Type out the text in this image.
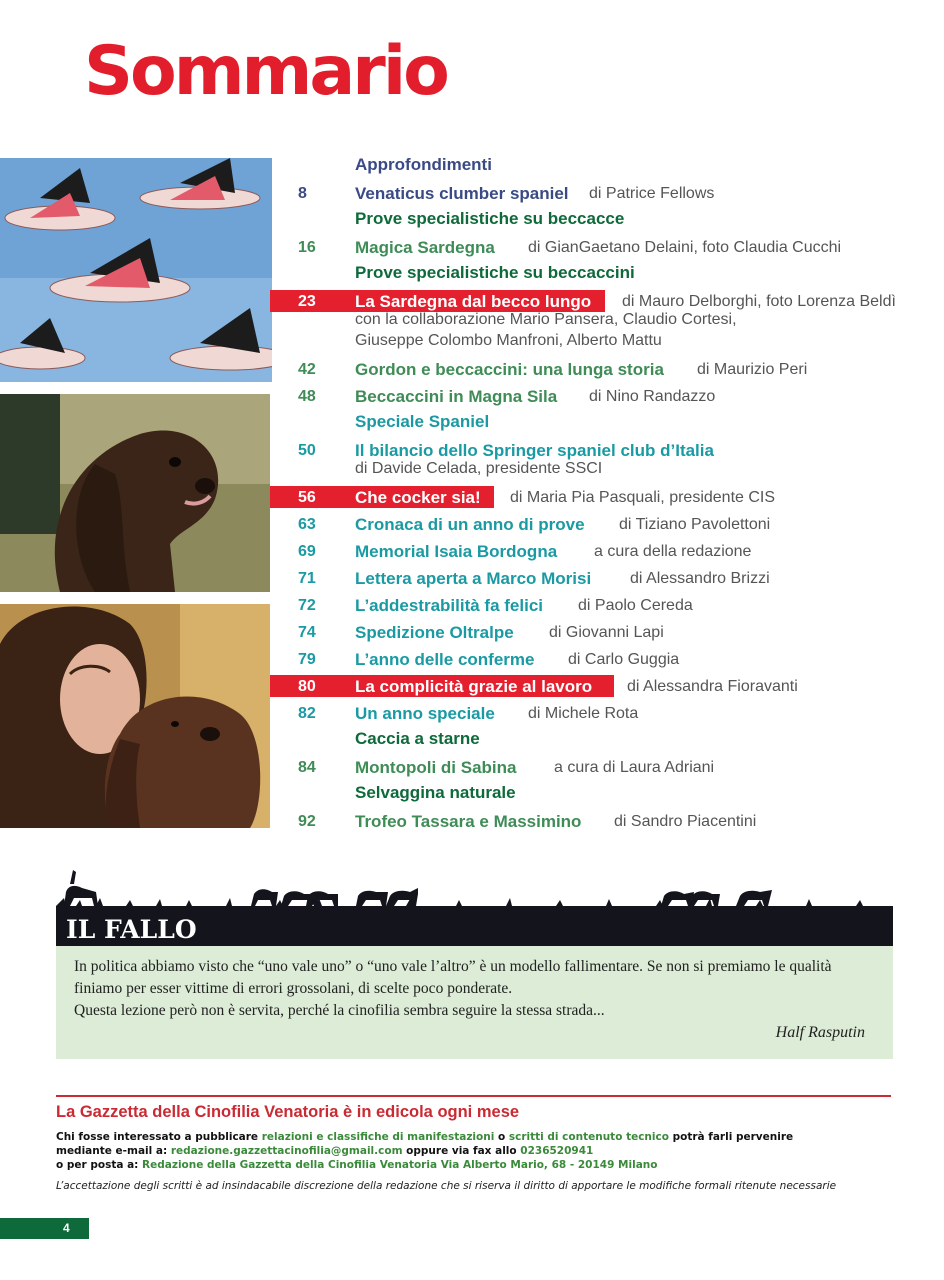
Sommario
Approfondimenti
8	Venaticus clumber spaniel di Patrice Fellows
Prove specialistiche su beccacce
16 Magica Sardegna di GianGaetano Delaini, foto Claudia Cucchi
Prove specialistiche su beccaccini
23 La Sardegna dal becco lungo di Mauro Delborghi, foto Lorenza Beldì
con la collaborazione Mario Pansera, Claudio Cortesi,
Giuseppe Colombo Manfroni, Alberto Mattu
42 Gordon e beccaccini: una lunga storia di Maurizio Peri
48 Beccaccini in Magna Sila di Nino Randazzo
Speciale Spaniel
50 Il bilancio dello Springer spaniel club d’Italia
di Davide Celada, presidente SSCI
56 Che cocker sia! di Maria Pia Pasquali, presidente CIS
63 Cronaca di un anno di prove di Tiziano Pavolettoni
69 Memorial Isaia Bordogna a cura della redazione
71 Lettera aperta a Marco Morisi di Alessandro Brizzi
72 L’addestrabilità fa felici di Paolo Cereda
74 Spedizione Oltralpe di Giovanni Lapi
79 L’anno delle conferme di Carlo Guggia
80 La complicità grazie al lavoro di Alessandra Fioravanti
82 Un anno speciale di Michele Rota
Caccia a starne
84 Montopoli di Sabina a cura di Laura Adriani
Selvaggina naturale
92 Trofeo Tassara e Massimino di Sandro Piacentini
IL FALLO
In politica abbiamo visto che “uno vale uno” o “uno vale l’altro” è un modello fallimentare. Se non si premiamo le qualità
finiamo per esser vittime di errori grossolani, di scelte poco ponderate.
Questa lezione però non è servita, perché la cinofilia sembra seguire la stessa strada...
Half Rasputin
La Gazzetta della Cinofilia Venatoria è in edicola ogni mese
Chi fosse interessato a pubblicare relazioni e classifiche di manifestazioni o scritti di contenuto tecnico potrà farli pervenire
mediante e-mail a: redazione.gazzettacinofilia@gmail.com oppure via fax allo 0236520941
o per posta a: Redazione della Gazzetta della Cinofilia Venatoria Via Alberto Mario, 68 - 20149 Milano
L’accettazione degli scritti è ad insindacabile discrezione della redazione che si riserva il diritto di apportare le modifiche formali ritenute necessarie
4
